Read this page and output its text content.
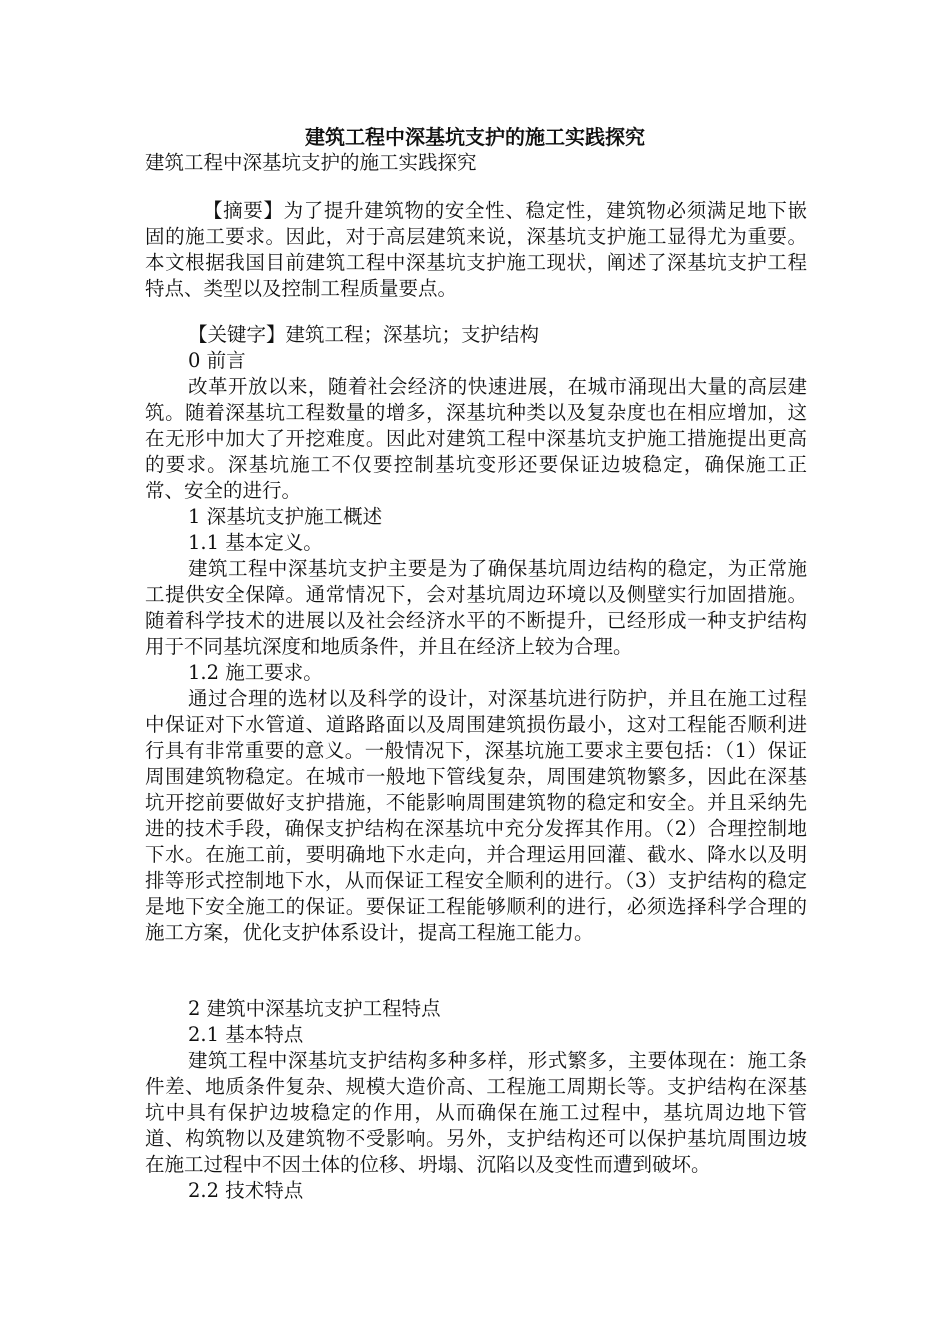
建筑工程中深基坑支护的施工实践探究
建筑工程中深基坑支护的施工实践探究
【摘要】为了提升建筑物的安全性、稳定性，建筑物必须满足地下嵌固的施工要求。因此，对于高层建筑来说，深基坑支护施工显得尤为重要。本文根据我国目前建筑工程中深基坑支护施工现状，阐述了深基坑支护工程特点、类型以及控制工程质量要点。
【关键字】建筑工程；深基坑；支护结构
0 前言
改革开放以来，随着社会经济的快速进展，在城市涌现出大量的高层建筑。随着深基坑工程数量的增多，深基坑种类以及复杂度也在相应增加，这在无形中加大了开挖难度。因此对建筑工程中深基坑支护施工措施提出更高的要求。深基坑施工不仅要控制基坑变形还要保证边坡稳定，确保施工正常、安全的进行。
1 深基坑支护施工概述
1.1 基本定义。
建筑工程中深基坑支护主要是为了确保基坑周边结构的稳定，为正常施工提供安全保障。通常情况下，会对基坑周边环境以及侧壁实行加固措施。随着科学技术的进展以及社会经济水平的不断提升，已经形成一种支护结构用于不同基坑深度和地质条件，并且在经济上较为合理。
1.2 施工要求。
通过合理的选材以及科学的设计，对深基坑进行防护，并且在施工过程中保证对下水管道、道路路面以及周围建筑损伤最小，这对工程能否顺利进行具有非常重要的意义。一般情况下，深基坑施工要求主要包括：（1）保证周围建筑物稳定。在城市一般地下管线复杂，周围建筑物繁多，因此在深基坑开挖前要做好支护措施，不能影响周围建筑物的稳定和安全。并且采纳先进的技术手段，确保支护结构在深基坑中充分发挥其作用。（2）合理控制地下水。在施工前，要明确地下水走向，并合理运用回灌、截水、降水以及明排等形式控制地下水，从而保证工程安全顺利的进行。（3）支护结构的稳定是地下安全施工的保证。要保证工程能够顺利的进行，必须选择科学合理的施工方案，优化支护体系设计，提高工程施工能力。
2 建筑中深基坑支护工程特点
2.1 基本特点
建筑工程中深基坑支护结构多种多样，形式繁多，主要体现在：施工条件差、地质条件复杂、规模大造价高、工程施工周期长等。支护结构在深基坑中具有保护边坡稳定的作用，从而确保在施工过程中，基坑周边地下管道、构筑物以及建筑物不受影响。另外，支护结构还可以保护基坑周围边坡在施工过程中不因土体的位移、坍塌、沉陷以及变性而遭到破坏。
2.2 技术特点
